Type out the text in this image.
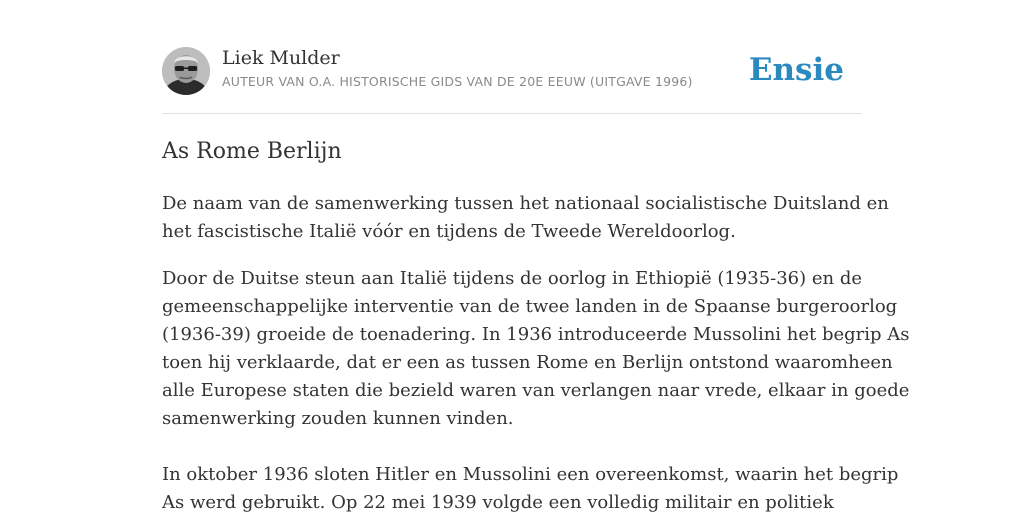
Liek Mulder
AUTEUR VAN O.A. HISTORISCHE GIDS VAN DE 20E EEUW (UITGAVE 1996) Ensie
As Rome Berlijn

De naam van de samenwerking tussen het nationaal socialistische Duitsland en
het fascistische Italië vóór en tijdens de Tweede Wereldoorlog.

Door de Duitse steun aan Italië tijdens de oorlog in Ethiopië (1935-36) en de
gemeenschappelijke interventie van de twee landen in de Spaanse burgeroorlog
(1936-39) groeide de toenadering. In 1936 introduceerde Mussolini het begrip As
toen hij verklaarde, dat er een as tussen Rome en Berlijn ontstond waaromheen
alle Europese staten die bezield waren van verlangen naar vrede, elkaar in goede
samenwerking zouden kunnen vinden.

In oktober 1936 sloten Hitler en Mussolini een overeenkomst, waarin het begrip
As werd gebruikt. Op 22 mei 1939 volgde een volledig militair en politiek
